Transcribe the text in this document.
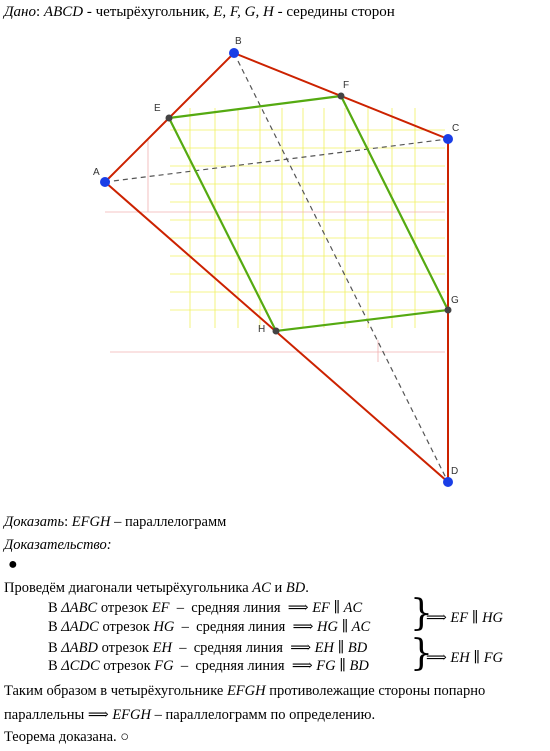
Дано: ABCD - четырёхугольник, E, F, G, H - середины сторон
A
B
C
D
E
F
G
H
Доказать: EFGH – параллелограмм
Доказательство:
●
Проведём диагонали четырёхугольника AC и BD.
В ΔABC отрезок EF  –  средняя линия  ⟹ EF ∥ AC
В ΔADC отрезок HG  –  средняя линия  ⟹ HG ∥ AC
В ΔABD отрезок EH  –  средняя линия  ⟹ EH ∥ BD
В ΔCDC отрезок FG  –  средняя линия  ⟹ FG ∥ BD
}
}
⟹ EF ∥ HG
⟹ EH ∥ FG
Таким образом в четырёхугольнике EFGH противолежащие стороны попарно
параллельны ⟹ EFGH – параллелограмм по определению.
Теорема доказана. ○
